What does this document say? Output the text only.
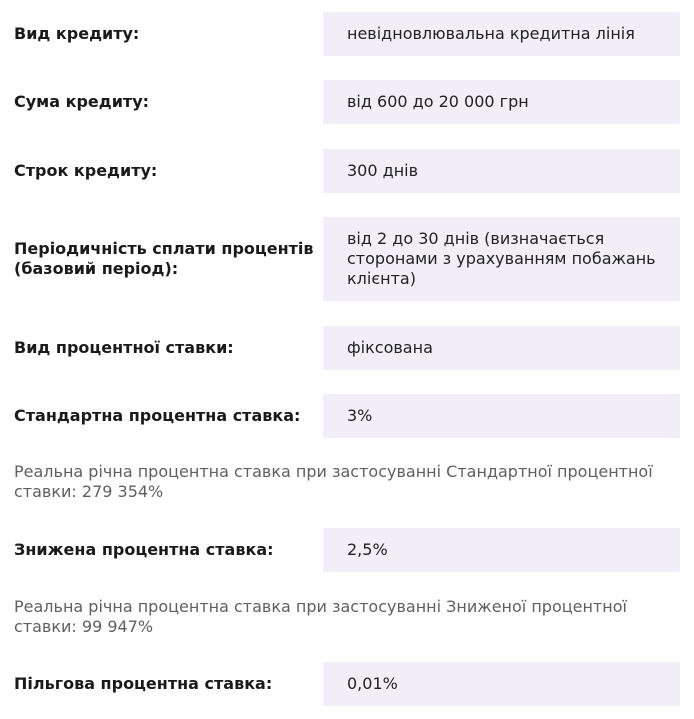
Вид кредиту:	невідновлювальна кредитна лінія
Сума кредиту:	від 600 до 20 000 грн
Строк кредиту:	300 днів
Періодичність сплати процентів (базовий період):
від 2 до 30 днів (визначається сторонами з урахуванням побажань клієнта)
Вид процентної ставки:	фіксована
Стандартна процентна ставка:	3%
Реальна річна процентна ставка при застосуванні Стандартної процентної ставки: 279 354%
Знижена процентна ставка:	2,5%
Реальна річна процентна ставка при застосуванні Зниженої процентної ставки: 99 947%
Пільгова процентна ставка:	0,01%
